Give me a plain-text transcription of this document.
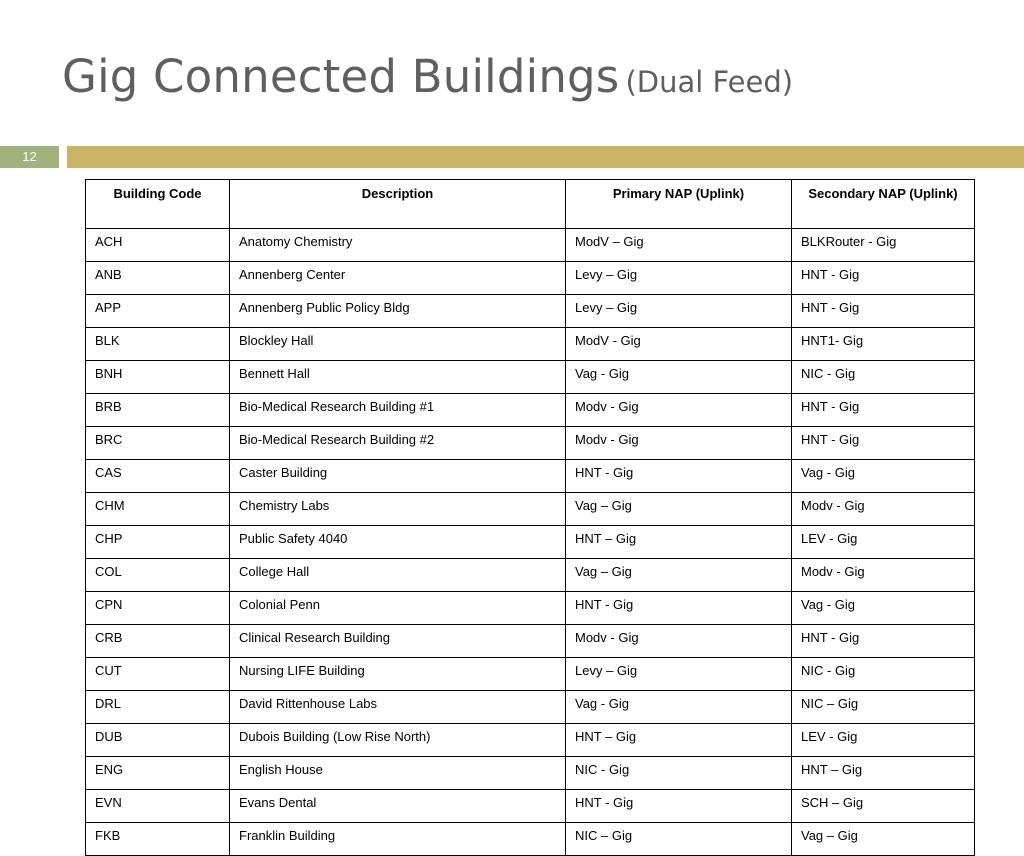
Gig Connected Buildings (Dual Feed)
12
Building Code	Description	Primary NAP (Uplink)	Secondary NAP (Uplink)
ACH	Anatomy Chemistry	ModV – Gig	BLKRouter - Gig
ANB	Annenberg Center	Levy – Gig	HNT - Gig
APP	Annenberg Public Policy Bldg	Levy – Gig	HNT - Gig
BLK	Blockley Hall	ModV - Gig	HNT1- Gig
BNH	Bennett Hall	Vag - Gig	NIC - Gig
BRB	Bio-Medical Research Building #1	Modv - Gig	HNT - Gig
BRC	Bio-Medical Research Building #2	Modv - Gig	HNT - Gig
CAS	Caster Building	HNT - Gig	Vag - Gig
CHM	Chemistry Labs	Vag – Gig	Modv - Gig
CHP	Public Safety 4040	HNT – Gig	LEV - Gig
COL	College Hall	Vag – Gig	Modv - Gig
CPN	Colonial Penn	HNT - Gig	Vag - Gig
CRB	Clinical Research Building	Modv - Gig	HNT - Gig
CUT	Nursing LIFE Building	Levy – Gig	NIC - Gig
DRL	David Rittenhouse Labs	Vag - Gig	NIC – Gig
DUB	Dubois Building (Low Rise North)	HNT – Gig	LEV - Gig
ENG	English House	NIC - Gig	HNT – Gig
EVN	Evans Dental	HNT - Gig	SCH – Gig
FKB	Franklin Building	NIC – Gig	Vag – Gig
